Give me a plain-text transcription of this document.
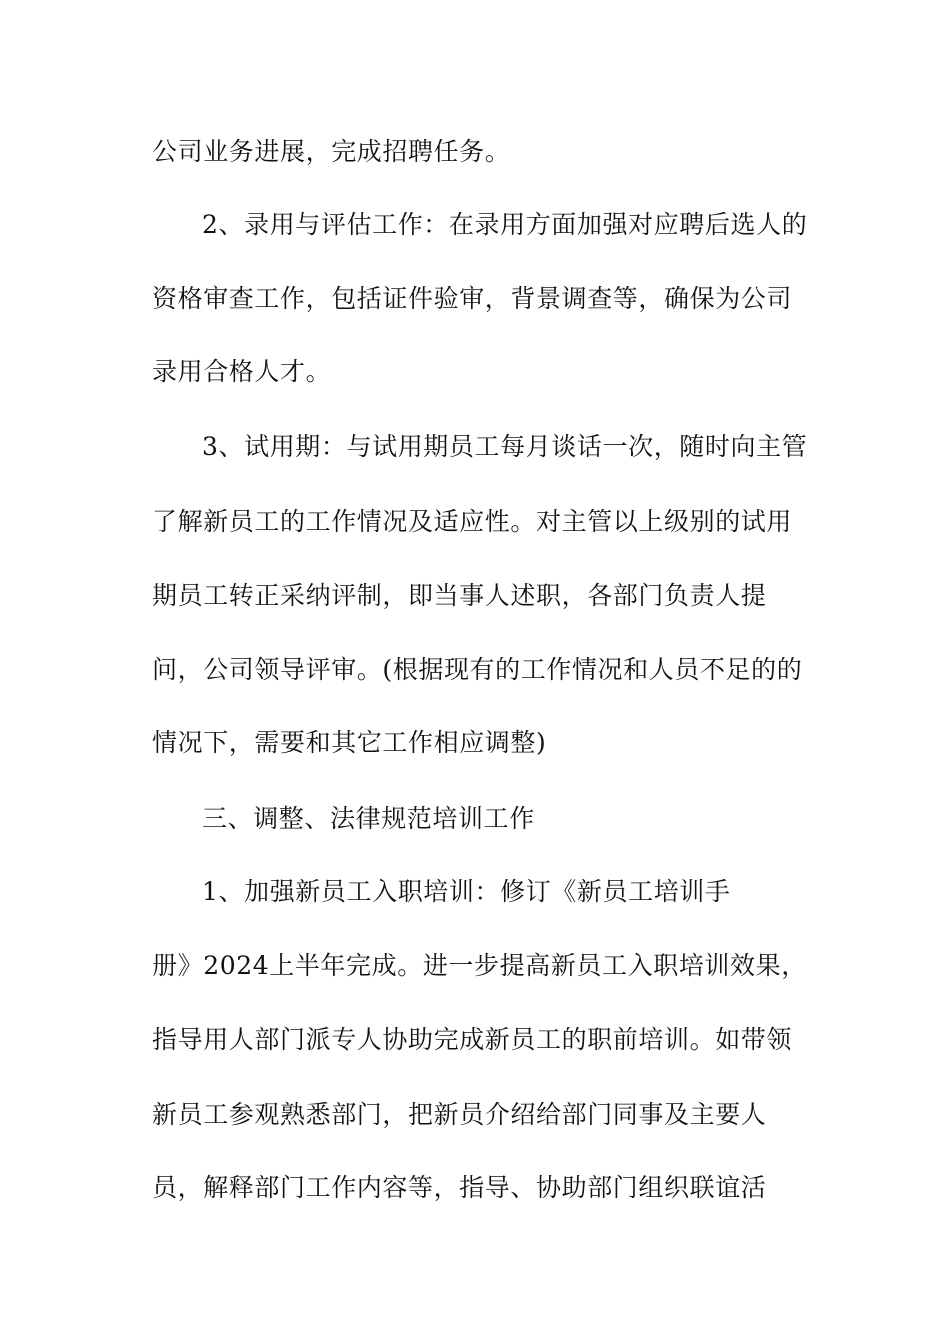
公司业务进展，完成招聘任务。
2、录用与评估工作：在录用方面加强对应聘后选人的
资格审查工作，包括证件验审，背景调查等，确保为公司
录用合格人才。
3、试用期：与试用期员工每月谈话一次，随时向主管
了解新员工的工作情况及适应性。对主管以上级别的试用
期员工转正采纳评制，即当事人述职，各部门负责人提
问，公司领导评审。(根据现有的工作情况和人员不足的的
情况下，需要和其它工作相应调整)
三、调整、法律规范培训工作
1、加强新员工入职培训：修订《新员工培训手
册》2024上半年完成。进一步提高新员工入职培训效果，
指导用人部门派专人协助完成新员工的职前培训。如带领
新员工参观熟悉部门，把新员介绍给部门同事及主要人
员，解释部门工作内容等，指导、协助部门组织联谊活
